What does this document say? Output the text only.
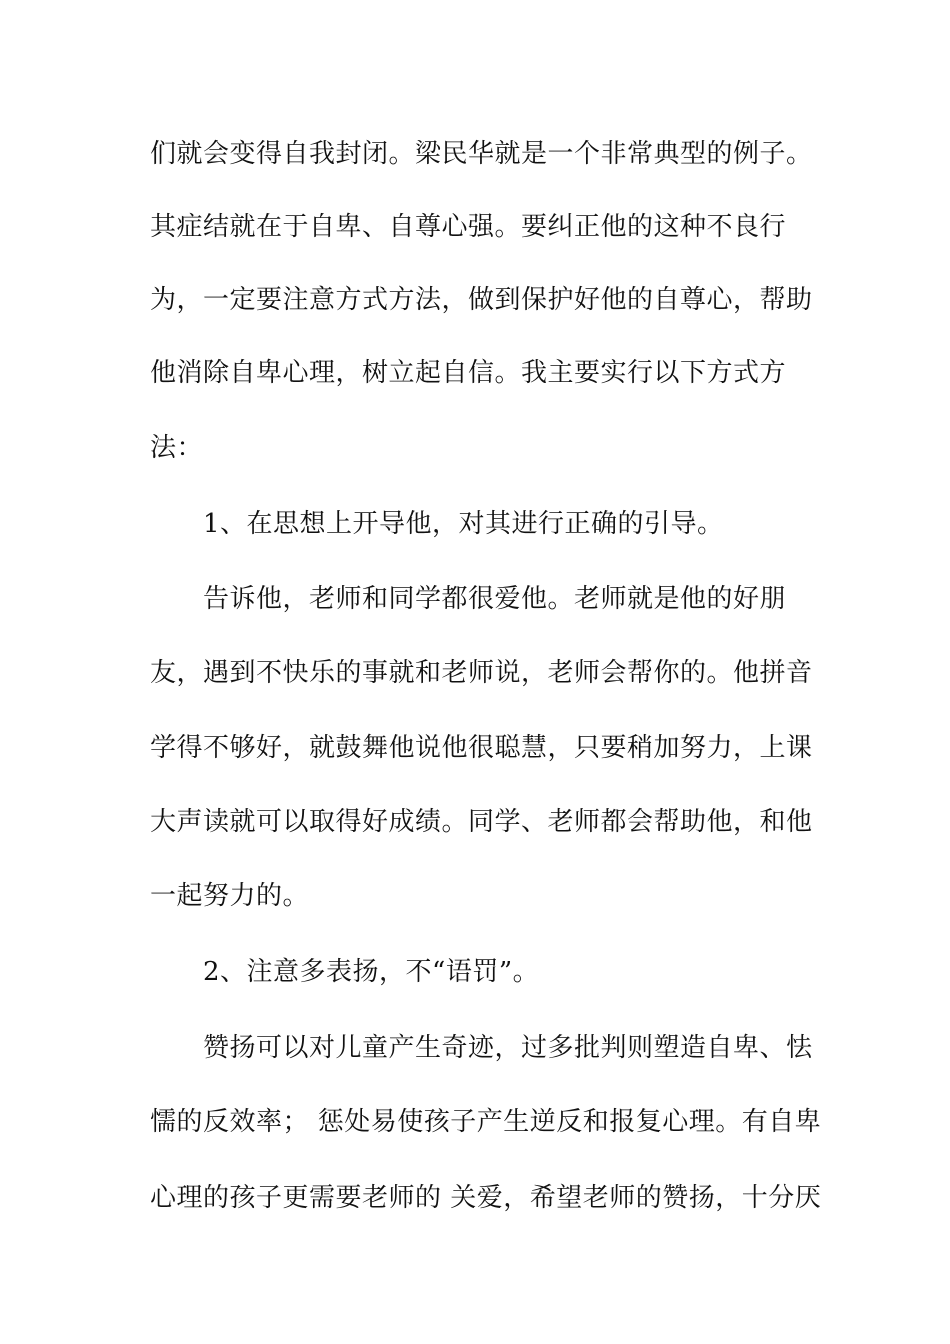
们就会变得自我封闭。梁民华就是一个非常典型的例子。
其症结就在于自卑、自尊心强。要纠正他的这种不良行
为，一定要注意方式方法，做到保护好他的自尊心，帮助
他消除自卑心理，树立起自信。我主要实行以下方式方
法：
1、在思想上开导他，对其进行正确的引导。
告诉他，老师和同学都很爱他。老师就是他的好朋
友，遇到不快乐的事就和老师说，老师会帮你的。他拼音
学得不够好，就鼓舞他说他很聪慧，只要稍加努力，上课
大声读就可以取得好成绩。同学、老师都会帮助他，和他
一起努力的。
2、注意多表扬，不“语罚”。
赞扬可以对儿童产生奇迹，过多批判则塑造自卑、怯
懦的反效率； 惩处易使孩子产生逆反和报复心理。有自卑
心理的孩子更需要老师的 关爱，希望老师的赞扬，十分厌
